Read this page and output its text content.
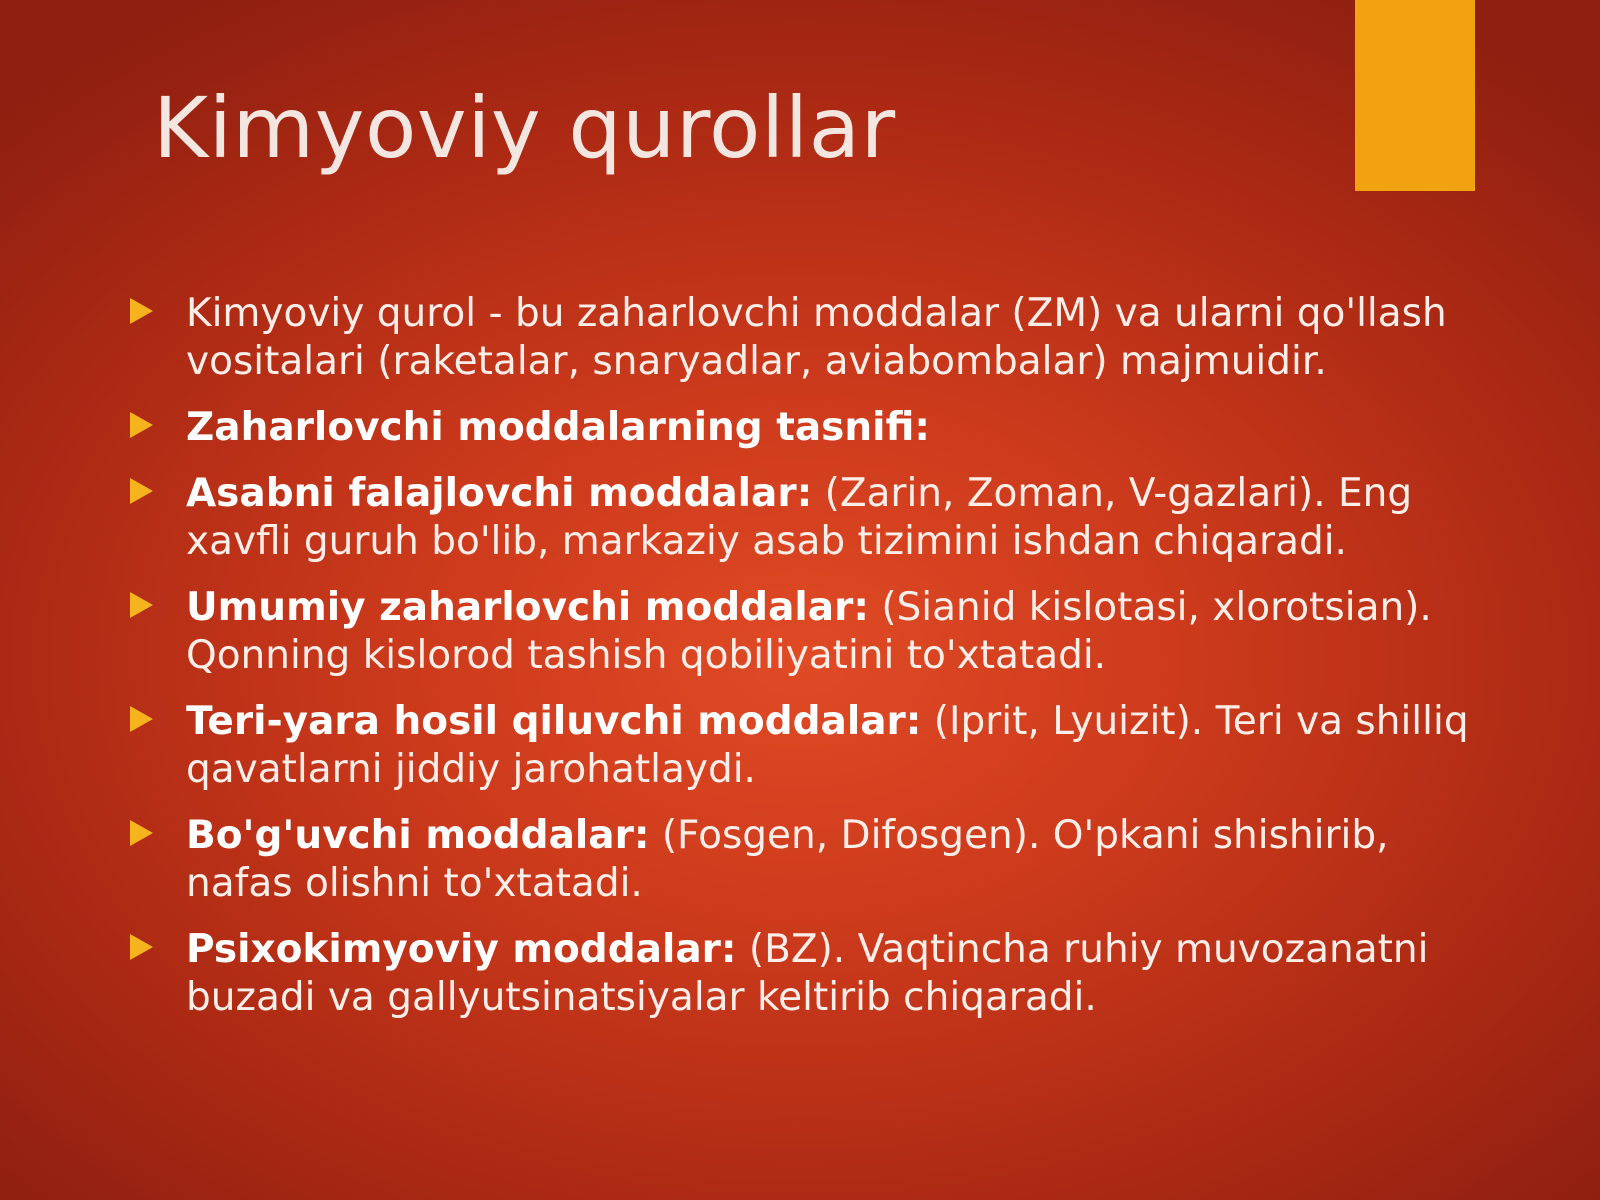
Kimyoviy qurollar
Kimyoviy qurol - bu zaharlovchi moddalar (ZM) va ularni qo'llash vositalari (raketalar, snaryadlar, aviabombalar) majmuidir.
Zaharlovchi moddalarning tasnifi:
Asabni falajlovchi moddalar: (Zarin, Zoman, V-gazlari). Eng xavfli guruh bo'lib, markaziy asab tizimini ishdan chiqaradi.
Umumiy zaharlovchi moddalar: (Sianid kislotasi, xlorotsian). Qonning kislorod tashish qobiliyatini to'xtatadi.
Teri-yara hosil qiluvchi moddalar: (Iprit, Lyuizit). Teri va shilliq qavatlarni jiddiy jarohatlaydi.
Bo'g'uvchi moddalar: (Fosgen, Difosgen). O'pkani shishirib, nafas olishni to'xtatadi.
Psixokimyoviy moddalar: (BZ). Vaqtincha ruhiy muvozanatni buzadi va gallyutsinatsiyalar keltirib chiqaradi.
